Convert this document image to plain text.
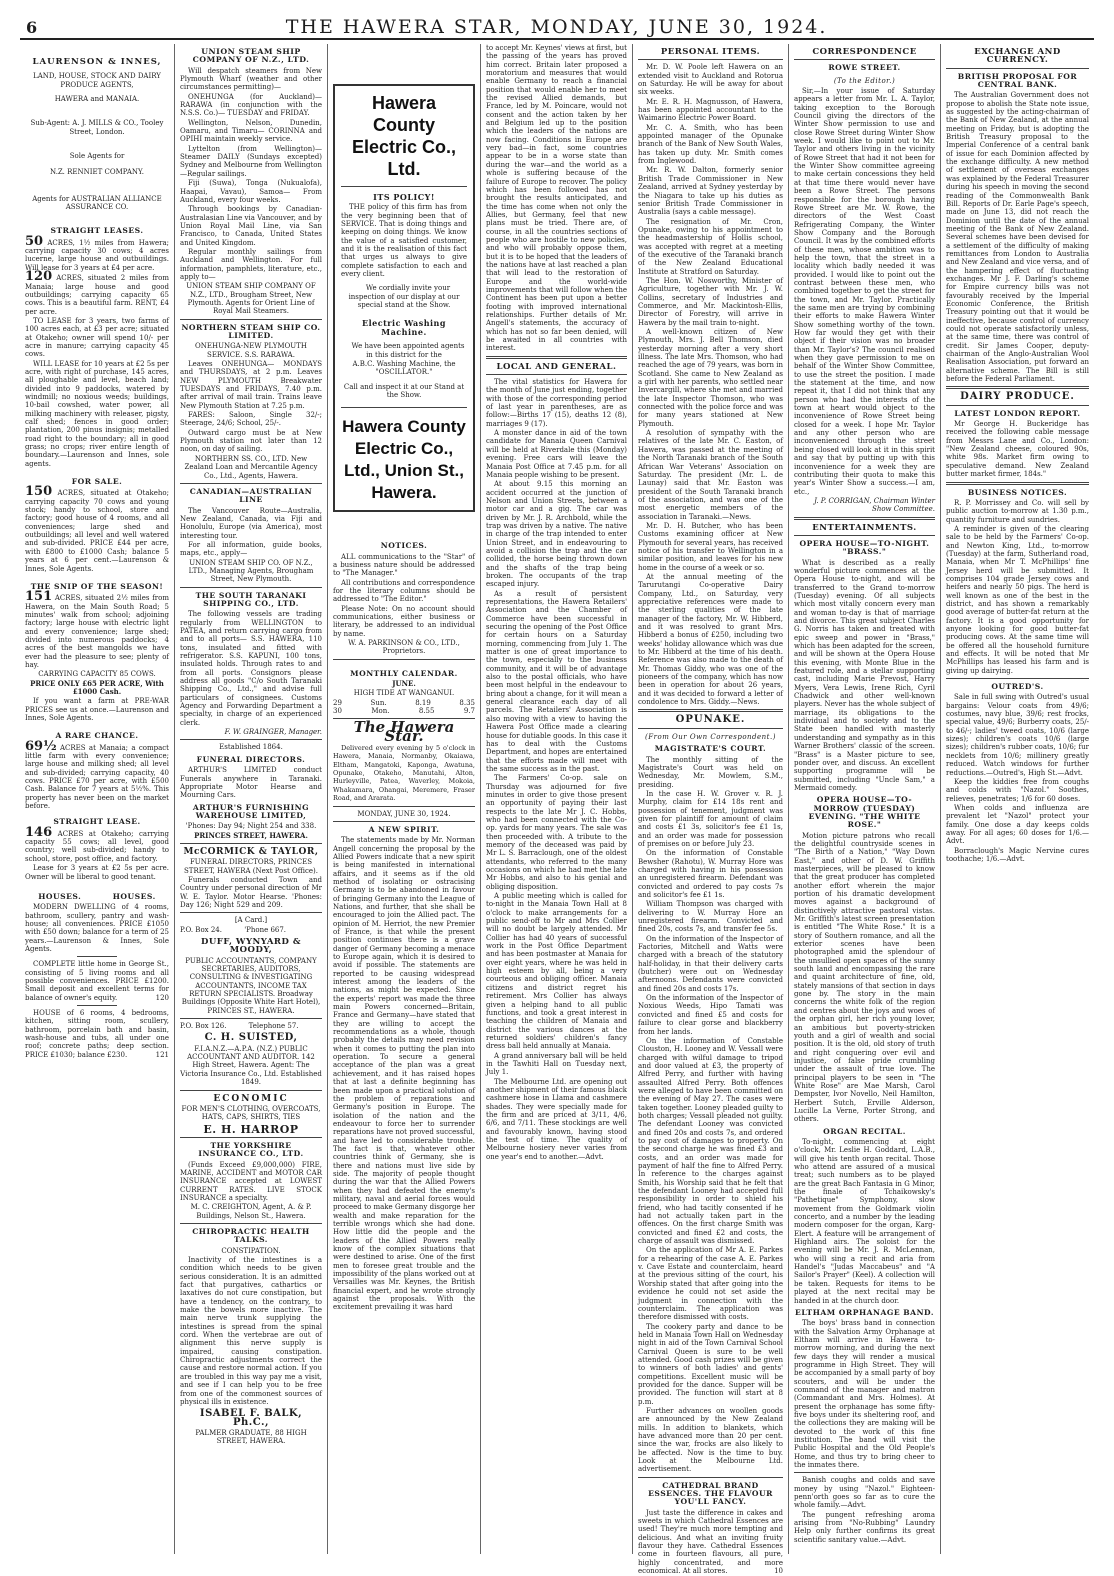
6	THE HAWERA STAR, MONDAY, JUNE 30, 1924.
LAURENSON & INNES,

LAND, HOUSE, STOCK AND DAIRY PRODUCE AGENTS,

HAWERA and MANAIA.

Sub-Agent: A. J. MILLS & CO., Tooley Street, London.

Sole Agents for

N.Z. RENNIET COMPANY.

Agents for AUSTRALIAN ALLIANCE ASSURANCE CO.

STRAIGHT LEASES.

50 ACRES, 1½ miles from Hawera; carrying capacity 30 cows; 4 acres lucerne, large house and outbuildings. Will lease for 3 years at £4 per acre.

120 ACRES, situated 2 miles from Manaia; large house and good outbuildings; carrying capacity 65 cows. This is a beautiful farm. RENT, £4 per acre.

TO LEASE for 3 years, two farms of 100 acres each, at £3 per acre; situated at Otakeho; owner will spend 10/- per acre in manure; carrying capacity 45 cows.

WILL LEASE for 10 years at £2 5s per acre, with right of purchase, 145 acres, all ploughable and level, beach land; divided into 9 paddocks, watered by windmill; no noxious weeds; buildings, 10-bail cowshed, water power, all milking machinery with releaser, pigsty, calf shed; fences in good order; plantation, 200 pinus insignis; metalled road right to the boundary; all in good grass; no crops; river entire length of boundary.—Laurenson and Innes, sole agents.

FOR SALE.

150 ACRES, situated at Otakeho; carrying capacity 70 cows and young stock; handy to school, store and factory; good house of 4 rooms, and all conveniences; large shed and outbuildings; all level and well watered and sub-divided. PRICE £44 per acre, with £800 to £1000 Cash; balance 5 years at 6 per cent.—Laurenson & Innes, Sole Agents.

THE SNIP OF THE SEASON!

151 ACRES, situated 2½ miles from Hawera, on the Main South Road; 5 minutes' walk from school; adjoining factory; large house with electric light and every convenience; large shed; divided into numerous paddocks; 4 acres of the best mangolds we have ever had the pleasure to see; plenty of hay.

CARRYING CAPACITY 85 COWS.

PRICE ONLY £65 PER ACRE, With £1000 Cash.

If you want a farm at PRE-WAR PRICES see us at once.—Laurenson and Innes, Sole Agents.

A RARE CHANCE.

69½ ACRES at Manaia; a compact little farm with every convenience; large house and milking shed; all level and sub-divided; carrying capacity, 40 cows. PRICE £70 per acre, with £500 Cash. Balance for 7 years at 5½%. This property has never been on the market before.

STRAIGHT LEASE.

146 ACRES at Otakeho; carrying capacity 55 cows; all level, good country; well sub-divided; handy to school, store, post office, and factory.

Lease for 3 years at £2 5s per acre. Owner will be liberal to good tenant.

HOUSES.          HOUSES.

MODERN DWELLING of 4 rooms, bathroom, scullery, pantry and wash-house; all conveniences. PRICE £1050 with £50 down; balance for a term of 25 years.—Laurenson & Innes, Sole Agents.

COMPLETE little home in George St., consisting of 5 living rooms and all possible conveniences. PRICE £1200. Small deposit and excellent terms for balance of owner's equity.	120

HOUSE of 6 rooms, 4 bedrooms, kitchen, sitting room, scullery, bathroom, porcelain bath and basin, wash-house and tubs, all under one roof; concrete paths; deep section. PRICE £1030; balance £230.	121

UNION STEAM SHIP COMPANY OF N.Z., LTD.

Will despatch steamers from New Plymouth Wharf (weather and other circumstances permitting)—

ONEHUNGA (for Auckland)— RARAWA (in conjunction with the N.S.S. Co.)— TUESDAY and FRIDAY.

Wellington, Nelson, Dunedin, Oamaru, and Timaru— CORINNA and OPIHI maintain weekly service.

Lyttelton (from Wellington)— Steamer DAILY (Sundays excepted) Sydney and Melbourne from Wellington—Regular sailings.

Fiji (Suwa), Tonga (Nukualofa), Haapai, Vavau), Samoa— From Auckland, every four weeks.

Through bookings by Canadian-Australasian Line via Vancouver, and by Union Royal Mail Line, via San Francisco, to Canada, United States and United Kingdom.

Regular monthly sailings from Auckland and Wellington. For full information, pamphlets, literature, etc., apply to—

UNION STEAM SHIP COMPANY OF N.Z., LTD., Brougham Street, New Plymouth. Agents for Orient Line of Royal Mail Steamers.

NORTHERN STEAM SHIP CO. LIMITED.

ONEHUNGA-NEW PLYMOUTH SERVICE. S.S. RARAWA.

Leaves ONEHUNGA— MONDAYS and THURSDAYS, at 2 p.m. Leaves NEW PLYMOUTH Breakwater TUESDAYS and FRIDAYS, 7.40 p.m. after arrival of mail train. Trains leave New Plymouth Station at 7.25 p.m.

FARES: Saloon, Single 32/-; Steerage, 24/6; School, 25/-.

Outward cargo must be at New Plymouth station not later than 12 noon, on day of sailing.

NORTHERN SS. CO., LTD. New Zealand Loan and Mercantile Agency Co., Ltd., Agents, Hawera.

CANADIAN—AUSTRALIAN LINE

The Vancouver Route—Australia, New Zealand, Canada, via Fiji and Honolulu, Europe (via America), most interesting tour.

For all information, guide books, maps, etc., apply—

UNION STEAM SHIP CO. OF N.Z., LTD., Managing Agents, Brougham Street, New Plymouth.

THE SOUTH TARANAKI SHIPPING CO., LTD.

The following vessels are trading regularly from WELLINGTON to PATEA, and return carrying cargo from and to all ports— S.S. HAWERA, 110 tons, insulated and fitted with refrigerator. S.S. KAPUNI, 100 tons, insulated holds. Through rates to and from all ports. Consignors please address all goods "C/o South Taranaki Shipping Co., Ltd.," and advise full particulars of consignees. Customs Agency and Forwarding Department a specialty, in charge of an experienced clerk.

F. W. GRAINGER, Manager.

Established 1864.

FUNERAL DIRECTORS.

ARTHUR'S LIMITED conduct Funerals anywhere in Taranaki. Appropriate Motor Hearse and Mourning Cars.

ARTHUR'S FURNISHING WAREHOUSE LIMITED,

'Phones: Day 94; Night 254 and 338.

PRINCES STREET, HAWERA.

McCORMICK & TAYLOR,

FUNERAL DIRECTORS, PRINCES STREET, HAWERA (Next Post Office).

Funerals conducted Town and Country under personal direction of Mr W. E. Taylor. Motor Hearse. 'Phones: Day 126; Night 529 and 209.

[A Card.]

P.O. Box 24.          'Phone 667.

DUFF, WYNYARD & MOODY,

PUBLIC ACCOUNTANTS, COMPANY SECRETARIES, AUDITORS, CONSULTING & INVESTIGATING ACCOUNTANTS, INCOME TAX RETURN SPECIALISTS. Broadway Buildings (Opposite White Hart Hotel), PRINCES ST., HAWERA.

P.O. Box 126.          Telephone 57.

C. H. SUISTED,

F.I.A.N.Z.—A.P.A. (N.Z.) PUBLIC ACCOUNTANT AND AUDITOR. 142 High Street, Hawera. Agent: The Victoria Insurance Co., Ltd. Established 1849.

ECONOMIC

FOR MEN'S CLOTHING, OVERCOATS, HATS, CAPS, SHIRTS, TIES

E. H. HARROP
THE YORKSHIRE INSURANCE CO., LTD.

(Funds Exceed £9,000,000) FIRE, MARINE, ACCIDENT and MOTOR CAR INSURANCE accepted at LOWEST CURRENT RATES. LIVE STOCK INSURANCE a specialty.

M. C. CREIGHTON, Agent, A. & P. Buildings, Nelson St., Hawera.

CHIROPRACTIC HEALTH TALKS.

CONSTIPATION.

Inactivity of the intestines is a condition which needs to be given serious consideration. It is an admitted fact that purgatives, cathartics or laxatives do not cure constipation, but have a tendency, on the contrary, to make the bowels more inactive. The main nerve trunk supplying the intestines is spread from the spinal cord. When the vertebrae are out of alignment this nerve supply is impaired, causing constipation. Chiropractic adjustments correct the cause and restore normal action. If you are troubled in this way pay me a visit, and see if I can help you to be free from one of the commonest sources of physical ills in existence.

ISABEL F. BALK, Ph.C.,

PALMER GRADUATE, 88 HIGH STREET, HAWERA.

Hawera County Electric Co., Ltd.
ITS POLICY!

THE policy of this firm has from the very beginning been that of SERVICE. That is doing things and keeping on doing things. We know the value of a satisfied customer, and it is the realisation of this fact that urges us always to give complete satisfaction to each and every client.

We cordially invite your inspection of our display at our special stand at the Show.

Electric Washing Machine.

We have been appointed agents in this district for the

A.B.C. Washing Machine, the "OSCILLATOR."

Call and inspect it at our Stand at the Show.

Hawera County Electric Co., Ltd., Union St., Hawera.
NOTICES.

ALL communications to the "Star" of a business nature should be addressed to "The Manager."

All contributions and correspondence for the literary columns should be addressed to "The Editor."

Please Note: On no account should communications, either business or literary, be addressed to an individual by name.

W. A. PARKINSON & CO., LTD., Proprietors.

MONTHLY CALENDAR.

JUNE.

HIGH TIDE AT WANGANUI.

29	Sun.	8.19	8.35
30	Mon.	8.55	9.7
The Hawera Star.

Delivered every evening by 5 o'clock in Hawera, Manaia, Normanby, Okaiawa, Eltham, Mangatoki, Kaponga, Awatuna, Opunake, Otakeho, Manutahi, Alton, Hurleyville, Patea, Waverley, Mokoia, Whakamara, Ohangai, Meremere, Fraser Road, and Ararata.

MONDAY, JUNE 30, 1924.

A NEW SPIRIT.

The statements made by Mr. Norman Angell concerning the proposal by the Allied Powers indicate that a new spirit is being manifested in international affairs, and it seems as if the old method of isolating or ostracising Germany is to be abandoned in favour of bringing Germany into the League of Nations, and further, that she shall be encouraged to join the Allied pact. The opinion of M. Herriot, the new Premier of France, is that while the present position continues there is a grave danger of Germany becoming a menace to Europe again, which it is desired to avoid if possible. The statements are reported to be causing widespread interest among the leaders of the nations, as might be expected. Since the experts' report was made the three main Powers concerned—Britain, France and Germany—have stated that they are willing to accept the recommendations as a whole, though probably the details may need revision when it comes to putting the plan into operation. To secure a general acceptance of the plan was a great achievement, and it has raised hopes that at last a definite beginning has been made upon a practical solution of the problem of reparations and Germany's position in Europe. The isolation of the nation and the endeavour to force her to surrender reparations have not proved successful, and have led to considerable trouble. The fact is that, whatever other countries think of Germany, she is there and nations must live side by side. The majority of people thought during the war that the Allied Powers when they had defeated the enemy's military, naval and aerial forces would proceed to make Germany disgorge her wealth and make reparation for the terrible wrongs which she had done. How little did the people and the leaders of the Allied Powers really know of the complex situations that were destined to arise. One of the first men to foresee great trouble and the impossibility of the plans worked out at Versailles was Mr. Keynes, the British financial expert, and he wrote strongly against the proposals. With the excitement prevailing it was hard

to accept Mr. Keynes' views at first, but the passing of the years has proved him correct. Britain later proposed a moratorium and measures that would enable Germany to reach a financial position that would enable her to meet the revised Allied demands, but France, led by M. Poincare, would not consent and the action taken by her and Belgium led up to the position which the leaders of the nations are now facing. Conditions in Europe are very bad—in fact, some countries appear to be in a worse state than during the war—and the world as a whole is suffering because of the failure of Europe to recover. The policy which has been followed has not brought the results anticipated, and the time has come when not only the Allies, but Germany, feel that new plans must be tried. There are, of course, in all the countries sections of people who are hostile to new policies, and who will probably oppose them, but it is to be hoped that the leaders of the nations have at last reached a plan that will lead to the restoration of Europe and the world-wide improvements that will follow when the Continent has been put upon a better footing with improved international relationships. Further details of Mr. Angell's statements, the accuracy of which has not so far been denied, will be awaited in all countries with interest.

LOCAL AND GENERAL.

The vital statistics for Hawera for the month of June just ending, together with those of the corresponding period of last year in parentheses, are as follow:—Births 17 (15), deaths 12 (8), marriages 9 (17).

A monster dance in aid of the town candidate for Manaia Queen Carnival will be held at Riverdale this (Monday) evening. Free cars will leave the Manaia Post Office at 7.45 p.m. for all Manaia people wishing to be present.

At about 9.15 this morning an accident occurred at the junction of Nelson and Union Streets, between a motor car and a gig. The car was driven by Mr. J. R. Archbold, while the trap was driven by a native. The native in charge of the trap intended to enter Union Street, and in endeavouring to avoid a collision the trap and the car collided, the horse being thrown down and the shafts of the trap being broken. The occupants of the trap escaped injury.

As a result of persistent representations, the Hawera Retailers' Association and the Chamber of Commerce have been successful in securing the opening of the Post Office for certain hours on a Saturday morning, commencing from July 1. The matter is one of great importance to the town, especially to the business community, and it will be of advantage also to the postal officials, who have been most helpful in the endeavour to bring about a change, for it will mean a general clearance each day of all parcels. The Retailers' Association is also moving with a view to having the Hawera Post Office made a clearing house for dutiable goods. In this case it has to deal with the Customs Department, and hopes are entertained that the efforts made will meet with the same success as in the past.

The Farmers' Co-op. sale on Thursday was adjourned for five minutes in order to give those present an opportunity of paying their last respects to the late Mr J. C. Hobbs, who had been connected with the Co-op. yards for many years. The sale was then proceeded with. A tribute to the memory of the deceased was paid by Mr L. S. Barraclough, one of the oldest attendants, who referred to the many occasions on which he had met the late Mr Hobbs, and also to his genial and obliging disposition.

A public meeting which is called for to-night in the Manaia Town Hall at 8 o'clock to make arrangements for a public send-off to Mr and Mrs Collier will no doubt be largely attended. Mr Collier has had 40 years of successful work in the Post Office Department and has been postmaster at Manaia for over eight years, where he was held in high esteem by all, being a very courteous and obliging officer. Manaia citizens and district regret his retirement. Mrs Collier has always given a helping hand to all public functions, and took a great interest in teaching the children of Manaia and district the various dances at the returned soldiers' children's fancy dress ball held annually at Manaia.

A grand anniversary ball will be held in the Tawhiti Hall on Tuesday next, July 1.

The Melbourne Ltd. are opening out another shipment of their famous black cashmere hose in Llama and cashmere shades. They were specially made for the firm and are priced at 3/11, 4/6, 6/6, and 7/11. These stockings are well and favourably known, having stood the test of time. The quality of Melbourne hosiery never varies from one year's end to another.—Advt.

PERSONAL ITEMS.

Mr. D. W. Poole left Hawera on an extended visit to Auckland and Rotorua on Saturday. He will be away for about six weeks.

Mr. E. R. H. Magnusson, of Hawera, has been appointed accountant to the Waimarino Electric Power Board.

Mr. C. A. Smith, who has been appointed manager of the Opunake branch of the Bank of New South Wales, has taken up duty. Mr. Smith comes from Inglewood.

Mr. R. W. Dalton, formerly senior British Trade Commissioner in New Zealand, arrived at Sydney yesterday by the Niagara to take up his duties as senior British Trade Commissioner in Australia (says a cable message).

The resignation of Mr. Cron, Opunake, owing to his appointment to the headmastership of Hollis school, was accepted with regret at a meeting of the executive of the Taranaki branch of the New Zealand Educational Institute at Stratford on Saturday.

The Hon. W. Nosworthy, Minister of Agriculture, together with Mr. J. W. Collins, secretary of Industries and Commerce, and Mr. Mackintosh-Ellis, Director of Forestry, will arrive in Hawera by the mail train to-night.

A well-known citizen of New Plymouth, Mrs. J. Bell Thomson, died yesterday morning after a very short illness. The late Mrs. Thomson, who had reached the age of 79 years, was born in Scotland. She came to New Zealand as a girl with her parents, who settled near Invercargill, where she met and married the late Inspector Thomson, who was connected with the police force and was for many years stationed at New Plymouth.

A resolution of sympathy with the relatives of the late Mr. C. Easton, of Hawera, was passed at the meeting of the North Taranaki branch of the South African War Veterans' Association on Saturday. The president (Mr. L. de Launay) said that Mr. Easton was president of the South Taranaki branch of the association, and was one of the most energetic members of the association in Taranaki.—News.

Mr. D. H. Butcher, who has been Customs examining officer at New Plymouth for several years, has received notice of his transfer to Wellington in a similar position, and leaves for his new home in the course of a week or so.

At the annual meeting of the Tarurutangi Co-operative Dairy Company, Ltd., on Saturday, very appreciative references were made to the sterling qualities of the late manager of the factory, Mr. W. Hibberd, and it was resolved to grant Mrs. Hibberd a bonus of £250, including two weeks' holiday allowance which was due to Mr. Hibberd at the time of his death. Reference was also made to the death of Mr. Thomas Giddy, who was one of the pioneers of the company, which has now been in operation for about 26 years, and it was decided to forward a letter of condolence to Mrs. Giddy.—News.

OPUNAKE.
(From Our Own Correspondent.)
MAGISTRATE'S COURT.

The monthly sitting of the Magistrate's Court was held on Wednesday, Mr. Mowlem, S.M., presiding.

In the case H. W. Grover v. R. J. Murphy, claim for £14 18s rent and possession of tenement, judgment was given for plaintiff for amount of claim and costs £1 3s, solicitor's fee £1 1s, and an order was made for possession of premises on or before July 23.

On the information of Constable Bewsher (Rahotu), W. Murray Hore was charged with having in his possession an unregistered firearm. Defendant was convicted and ordered to pay costs 7s and solicitor's fee £1 1s.

William Thompson was charged with delivering to W. Murray Hore an unregistered firearm. Convicted and fined 20s, costs 7s, and transfer fee 5s.

On the information of the Inspector of Factories, Mitchell and Watts were charged with a breach of the statutory half-holiday, in that their delivery carts (butcher) were out on Wednesday afternoons. Defendants were convicted and fined 20s and costs 17s.

On the information of the Inspector of Noxious Weeds, Hipo Tamati was convicted and fined £5 and costs for failure to clear gorse and blackberry from her lands.

On the information of Constable Clouston, H. Looney and W. Vessall were charged with wilful damage to tripod and door valued at £3, the property of Alfred Perry, and further with having assaulted Alfred Perry. Both offences were alleged to have been committed on the evening of May 27. The cases were taken together. Looney pleaded guilty to both charges; Vessall pleaded not guilty. The defendant Looney was convicted and fined 20s and costs 7s, and ordered to pay cost of damages to property. On the second charge he was fined £3 and costs, and an order was made for payment of half the fine to Alfred Perry. In reference to the charges against Smith, his Worship said that he felt that the defendant Looney had accepted full responsibility in order to shield his friend, who had tacitly consented if he had not actually taken part in the offences. On the first charge Smith was convicted and fined £2 and costs, the charge of assault was dismissed.

On the application of Mr A. E. Parkes for a rehearing of the case A. E. Parkes v. Cave Estate and counterclaim, heard at the previous sitting of the court, his Worship stated that after going into the evidence he could not set aside the judgment in connection with the counterclaim. The application was therefore dismissed with costs.

The cookery party and dance to be held in Manaia Town Hall on Wednesday night in aid of the Town Carnival School Carnival Queen is sure to be well attended. Good cash prizes will be given to winners of both ladies' and gents' competitions. Excellent music will be provided for the dance. Supper will be provided. The function will start at 8 p.m.

Further advances on woollen goods are announced by the New Zealand mills. In addition to blankets, which have advanced more than 20 per cent. since the war, frocks are also likely to be affected. Now is the time to buy. Look at the Melbourne Ltd. advertisement.

CATHEDRAL BRAND ESSENCES. THE FLAVOUR YOU'LL FANCY.

Just taste the difference in cakes and sweets in which Cathedral Essences are used! They're much more tempting and delicious. And what an inviting fruity flavour they have. Cathedral Essences come in fourteen flavours, all pure, highly concentrated, and more economical. At all stores.	10

CORRESPONDENCE
ROWE STREET.
(To the Editor.)

Sir,—In your issue of Saturday appears a letter from Mr. L. A. Taylor, taking exception to the Borough Council giving the directors of the Winter Show permission to use and close Rowe Street during Winter Show week. I would like to point out to Mr. Taylor and others living in the vicinity of Rowe Street that had it not been for the Winter Show committee agreeing to make certain concessions they held at that time there would never have been a Rowe Street. The persons responsible for the borough having Rowe Street are Mr. W. Rowe, the directors of the West Coast Refrigerating Company, the Winter Show Company and the Borough Council. It was by the combined efforts of these men, whose ambition was to help the town, that the street in a locality which badly needed it was provided. I would like to point out the contrast between these men, who combined together to get the street for the town, and Mr. Taylor. Practically the same men are trying by combining their efforts to make Hawera Winter Show something worthy of the town. How far would they get with their object if their vision was no broader than Mr. Taylor's? The council realised when they gave permission to me on behalf of the Winter Show Committee, to use the street the position. I made the statement at the time, and now repeat it, that I did not think that any person who had the interests of the town at heart would object to the inconvenience of Rowe Street being closed for a week. I hope Mr. Taylor and any other person who are inconvenienced through the street being closed will look at it in this spirit and say that by putting up with this inconvenience for a week they are contributing their quota to make this year's Winter Show a success.—I am, etc.,

J. P. CORRIGAN, Chairman Winter Show Committee.

ENTERTAINMENTS.
OPERA HOUSE—TO-NIGHT. "BRASS."

What is described as a really wonderful picture commences at the Opera House to-night, and will be transferred to the Grand to-morrow (Tuesday) evening. Of all subjects which most vitally concern every man and woman to-day is that of marriage and divorce. This great subject Charles G. Norris has taken and treated with epic sweep and power in "Brass," which has been adapted for the screen, and will be shown at the Opera House this evening, with Monte Blue in the featured role, and a stellar supporting cast, including Marie Prevost, Harry Myers, Vera Lewis, Irene Rich, Cyril Chadwick and other well-known players. Never has the whole subject of marriage, its obligations to the individual and to society and to the State been handled with masterly understanding and sympathy as in this Warner Brothers' classic of the screen. "Brass" is a Master picture to see, ponder over, and discuss. An excellent supporting programme will be submitted, including "Uncle Sam," a Mermaid comedy.

OPERA HOUSE—TO-MORROW (TUESDAY) EVENING. "THE WHITE ROSE."

Motion picture patrons who recall the delightful countryside scenes in "The Birth of a Nation," "Way Down East," and other of D. W. Griffith masterpieces, will be pleased to know that the great producer has completed another effort wherein the major portion of his dramatic development moves against a background of distinctively attractive pastoral vistas. Mr. Griffith's latest screen presentation is entitled "The White Rose." It is a story of Southern romance, and all the exterior scenes have been photographed amid the splendour of the unsullied open spaces of the sunny south land and encompassing the rare and quaint architecture of fine, old, stately mansions of that section in days gone by. The story in the main concerns the white folk of the region and centres about the joys and woes of the orphan girl, her rich young lover, an ambitious but poverty-stricken youth and a girl of wealth and social position. It is the old, old story of truth and right conquering over evil and injustice, of false pride crumbling under the assault of true love. The principal players to be seen in "The White Rose" are Mae Marsh, Carol Dempster, Ivor Novello, Neil Hamilton, Herbert Sutch, Erville Alderson, Lucille La Verne, Porter Strong, and others.

ORGAN RECITAL.

To-night, commencing at eight o'clock, Mr. Leslie H. Goddard, L.A.B., will give his tenth organ recital. Those who attend are assured of a musical treat; such numbers as to be played are the great Bach Fantasia in G Minor, the finale of Tchaikowsky's "Pathetique" Symphony, slow movement from the Goldmark violin concerto, and a number by the leading modern composer for the organ, Karg-Elert. A feature will be arrangement of Highland airs. The soloist for the evening will be Mr. J. R. McLennan, who will sing a recit and aria from Handel's "Judas Maccabeus" and "A Sailor's Prayer" (Keel). A collection will be taken. Requests for items to be played at the next recital may be handed in at the church door.

ELTHAM ORPHANAGE BAND.

The boys' brass band in connection with the Salvation Army Orphanage at Eltham will arrive in Hawera to-morrow morning, and during the next few days they will render a musical programme in High Street. They will be accompanied by a small party of boy scouters, and will be under the command of the manager and matron (Commandant and Mrs. Holmes). At present the orphanage has some fifty-five boys under its sheltering roof, and the collections they are making will be devoted to the work of this fine institution. The band will visit the Public Hospital and the Old People's Home, and thus try to bring cheer to the inmates there.

Banish coughs and colds and save money by using "Nazol." Eighteen-penn'orth goes so far as to cure the whole family.—Advt.

The pungent refreshing aroma arising from "No-Rubbing" Laundry Help only further confirms its great scientific sanitary value.—Advt.

EXCHANGE AND CURRENCY.
BRITISH PROPOSAL FOR CENTRAL BANK.

The Australian Government does not propose to abolish the State note issue, as suggested by the acting-chairman of the Bank of New Zealand, at the annual meeting on Friday, but is adopting the British Treasury proposal to the Imperial Conference of a central bank of issue for each Dominion affected by the exchange difficulty. A new method of settlement of overseas exchanges was explained by the Federal Treasurer during his speech in moving the second reading of the Commonwealth Bank Bill. Reports of Dr. Earle Page's speech, made on June 13, did not reach the Dominion until the date of the annual meeting of the Bank of New Zealand. Several schemes have been devised for a settlement of the difficulty of making remittances from London to Australia and New Zealand and vice versa, and of the hampering effect of fluctuating exchanges. Mr J. F. Darling's scheme for Empire currency bills was not favourably received by the Imperial Economic Conference, the British Treasury pointing out that it would be ineffective, because control of currency could not operate satisfactorily unless, at the same time, there was control of credit. Sir James Cooper, deputy-chairman of the Anglo-Australian Wool Realisation Association, put forward an alternative scheme. The Bill is still before the Federal Parliament.

DAIRY PRODUCE.
LATEST LONDON REPORT.

Mr George H. Buckeridge has received the following cable message from Messrs Lane and Co., London: "New Zealand cheese, coloured 90s, white 98s. Market firm owing to speculative demand. New Zealand butter market firmer, 184s."

BUSINESS NOTICES.

R. P. Morrissey and Co. will sell by public auction to-morrow at 1.30 p.m., quantity furniture and sundries.

A reminder is given of the clearing sale to be held by the Farmers' Co-op. and Newton King, Ltd., to-morrow (Tuesday) at the farm, Sutherland road, Manaia, when Mr T. McPhillips' fine Jersey herd will be submitted. It comprises 104 grade Jersey cows and heifers and nearly 50 pigs. The herd is well known as one of the best in the district, and has shown a remarkably good average of butter-fat return at the factory. It is a good opportunity for anyone looking for good butter-fat producing cows. At the same time will be offered all the household furniture and effects. It will be noted that Mr McPhillips has leased his farm and is giving up dairying.

OUTRED'S.

Sale in full swing with Outred's usual bargains: Velour coats from 49/6; costumes, navy blue, 39/6; rest frocks, special value, 49/6; Burberry coats, 25/- to 46/-; ladies' tweed coats, 10/6 (large sizes); children's coats 10/6 (large sizes); children's rubber coats, 10/6; fur necklets from 10/6; millinery greatly reduced. Watch windows for further reductions.—Outred's, High St.—Advt.

Keep the kiddies free from coughs and colds with "Nazol." Soothes, relieves, penetrates; 1/6 for 60 doses.

When colds and influenza are prevalent let "Nazol" protect your family. One dose a day keeps colds away. For all ages; 60 doses for 1/6.—Advt.

Borraclough's Magic Nervine cures toothache; 1/6.—Advt.
